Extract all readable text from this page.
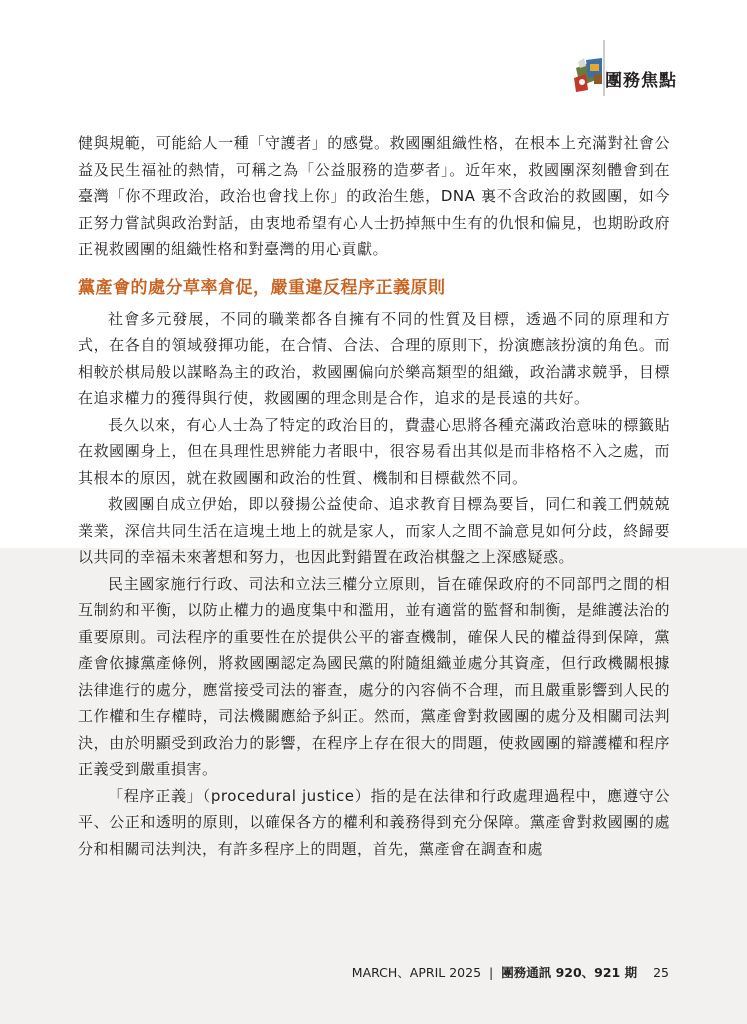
團務焦點

健與規範，可能給人一種「守護者」的感覺。救國團組織性格，在根本上充滿對社會公益及民生福祉的熱情，可稱之為「公益服務的造夢者」。近年來，救國團深刻體會到在臺灣「你不理政治，政治也會找上你」的政治生態，DNA 裏不含政治的救國團，如今正努力嘗試與政治對話，由衷地希望有心人士扔掉無中生有的仇恨和偏見，也期盼政府正視救國團的組織性格和對臺灣的用心貢獻。

黨產會的處分草率倉促，嚴重違反程序正義原則

社會多元發展，不同的職業都各自擁有不同的性質及目標，透過不同的原理和方式，在各自的領域發揮功能，在合情、合法、合理的原則下，扮演應該扮演的角色。而相較於棋局般以謀略為主的政治，救國團偏向於樂高類型的組織，政治講求競爭，目標在追求權力的獲得與行使，救國團的理念則是合作，追求的是長遠的共好。

長久以來，有心人士為了特定的政治目的，費盡心思將各種充滿政治意味的標籤貼在救國團身上，但在具理性思辨能力者眼中，很容易看出其似是而非格格不入之處，而其根本的原因，就在救國團和政治的性質、機制和目標截然不同。

救國團自成立伊始，即以發揚公益使命、追求教育目標為要旨，同仁和義工們兢兢業業，深信共同生活在這塊土地上的就是家人，而家人之間不論意見如何分歧，終歸要以共同的幸福未來著想和努力，也因此對錯置在政治棋盤之上深感疑惑。

民主國家施行行政、司法和立法三權分立原則，旨在確保政府的不同部門之間的相互制約和平衡，以防止權力的過度集中和濫用，並有適當的監督和制衡，是維護法治的重要原則。司法程序的重要性在於提供公平的審查機制，確保人民的權益得到保障，黨產會依據黨產條例，將救國團認定為國民黨的附隨組織並處分其資產，但行政機關根據法律進行的處分，應當接受司法的審查，處分的內容倘不合理，而且嚴重影響到人民的工作權和生存權時，司法機關應給予糾正。然而，黨產會對救國團的處分及相關司法判決，由於明顯受到政治力的影響，在程序上存在很大的問題，使救國團的辯護權和程序正義受到嚴重損害。

「程序正義」（procedural justice）指的是在法律和行政處理過程中，應遵守公平、公正和透明的原則，以確保各方的權利和義務得到充分保障。黨產會對救國團的處分和相關司法判決，有許多程序上的問題，首先，黨產會在調查和處

MARCH、APRIL 2025 | 團務通訊 920、921 期 25
